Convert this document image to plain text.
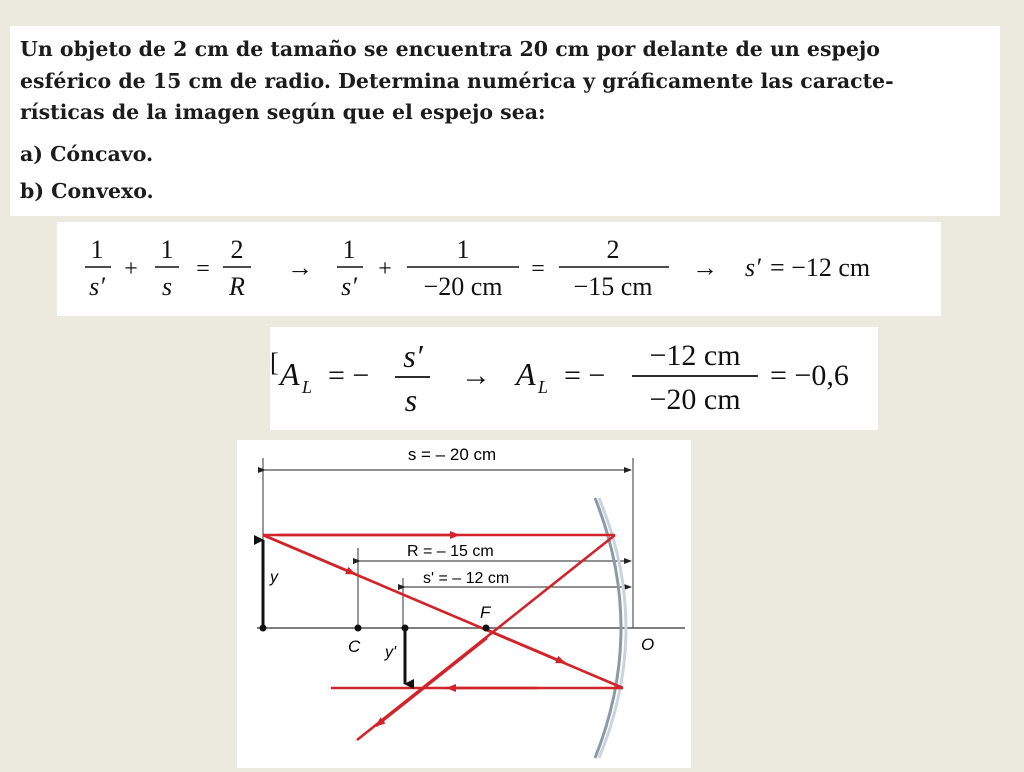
Un objeto de 2 cm de tamaño se encuentra 20 cm por delante de un espejo

esférico de 15 cm de radio. Determina numérica y gráficamente las caracte-

rísticas de la imagen según que el espejo sea:

a) Cóncavo.

b) Convexo.

1
s′
+
1
s
=
2
R
→
1
s′
+
1
−20 cm
=
2
−15 cm
→ s′ = −12 cm
[ A L = −
s′
s
→ A L = −
−12 cm
−20 cm
= −0,6
s = – 20 cm
R = – 15 cm
s' = – 12 cm
y
y'
C
F
O
